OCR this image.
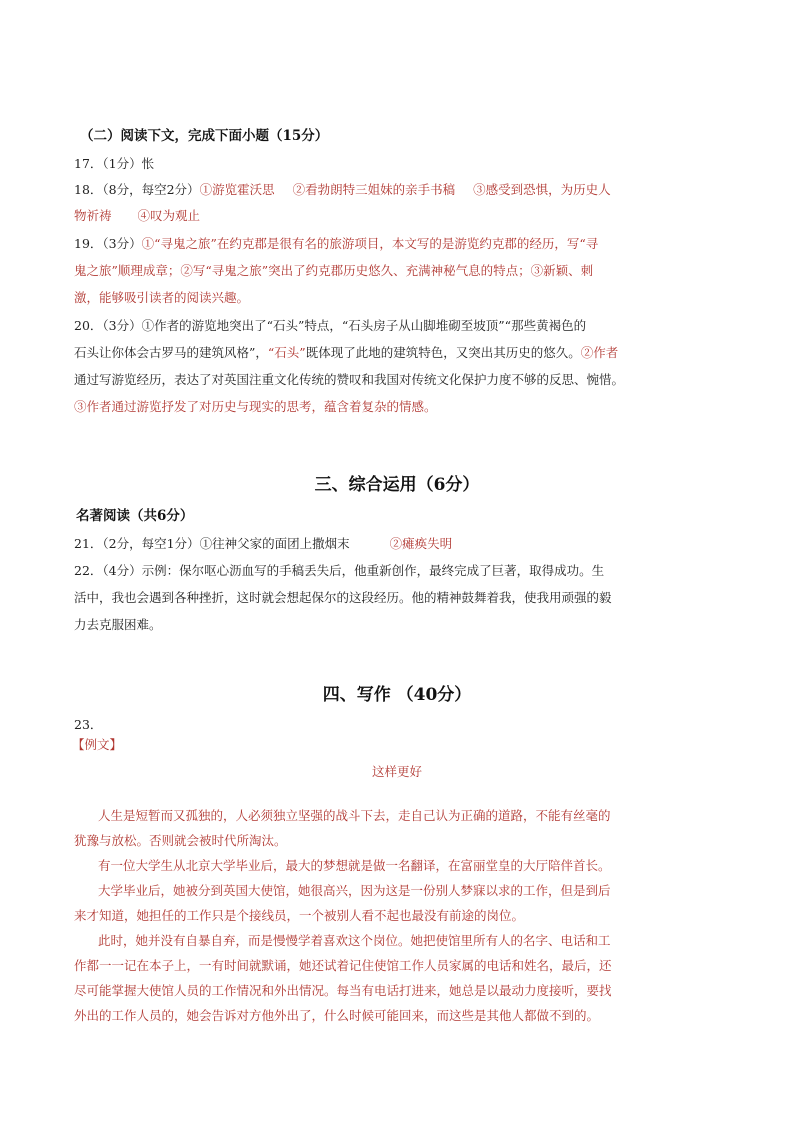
（二）阅读下文，完成下面小题（15分）
17．（1分）怅
18．（8分，每空2分）①游览霍沃思 ②看勃朗特三姐妹的亲手书稿 ③感受到恐惧，为历史人
物祈祷 ④叹为观止
19．（3分）①“寻鬼之旅”在约克郡是很有名的旅游项目，本文写的是游览约克郡的经历，写“寻
鬼之旅”顺理成章；②写“寻鬼之旅”突出了约克郡历史悠久、充满神秘气息的特点；③新颖、刺
激，能够吸引读者的阅读兴趣。
20．（3分）①作者的游览地突出了“石头”特点，“石头房子从山脚堆砌至坡顶”“那些黄褐色的
石头让你体会古罗马的建筑风格”，“石头”既体现了此地的建筑特色，又突出其历史的悠久。②作者
通过写游览经历，表达了对英国注重文化传统的赞叹和我国对传统文化保护力度不够的反思、惋惜。
③作者通过游览抒发了对历史与现实的思考，蕴含着复杂的情感。
三、综合运用（6分）
名著阅读（共6分）
21．（2分，每空1分）①往神父家的面团上撒烟末	②瘫痪失明
22．（4分）示例：保尔呕心沥血写的手稿丢失后，他重新创作，最终完成了巨著，取得成功。生
活中，我也会遇到各种挫折，这时就会想起保尔的这段经历。他的精神鼓舞着我，使我用顽强的毅
力去克服困难。
四、写作 （40分）
23．
【例文】
这样更好
人生是短暂而又孤独的，人必须独立坚强的战斗下去，走自己认为正确的道路，不能有丝毫的
犹豫与放松。否则就会被时代所淘汰。
有一位大学生从北京大学毕业后，最大的梦想就是做一名翻译，在富丽堂皇的大厅陪伴首长。
大学毕业后，她被分到英国大使馆，她很高兴，因为这是一份别人梦寐以求的工作，但是到后
来才知道，她担任的工作只是个接线员，一个被别人看不起也最没有前途的岗位。
此时，她并没有自暴自弃，而是慢慢学着喜欢这个岗位。她把使馆里所有人的名字、电话和工
作都一一记在本子上，一有时间就默诵，她还试着记住使馆工作人员家属的电话和姓名，最后，还
尽可能掌握大使馆人员的工作情况和外出情况。每当有电话打进来，她总是以最动力度接听，要找
外出的工作人员的，她会告诉对方他外出了，什么时候可能回来，而这些是其他人都做不到的。
